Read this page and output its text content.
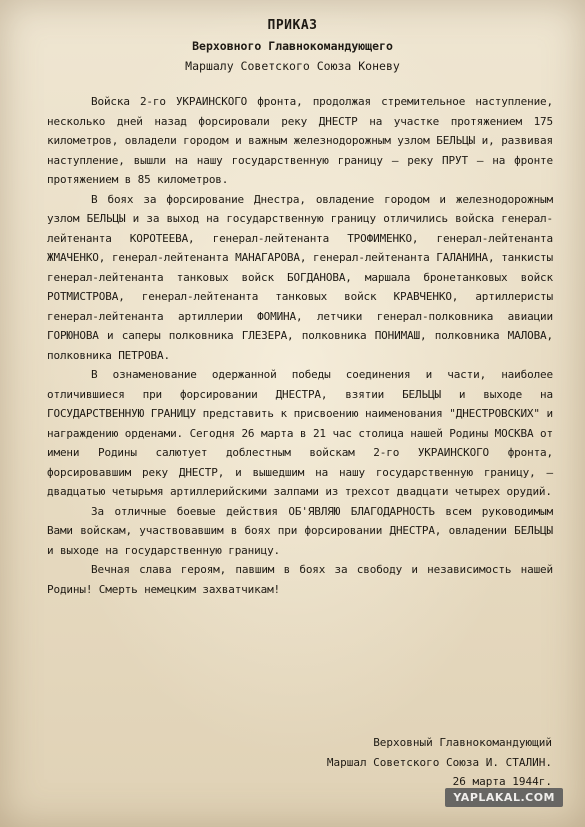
ПРИКАЗ
Верховного Главнокомандующего
Маршалу Советского Союза Коневу

Войска 2-го УКРАИНСКОГО фронта, продолжая стремительное наступление, несколько дней назад форсировали реку ДНЕСТР на участке протяжением 175 километров, овладели городом и важным железнодорожным узлом БЕЛЬЦЫ и, развивая наступление, вышли на нашу государственную границу – реку ПРУТ – на фронте протяжением в 85 километров.

В боях за форсирование Днестра, овладение городом и железнодорожным узлом БЕЛЬЦЫ и за выход на государственную границу отличились войска генерал-лейтенанта КОРОТЕЕВА, генерал-лейтенанта ТРОФИМЕНКО, генерал-лейтенанта ЖМАЧЕНКО, генерал-лейтенанта МАНАГАРОВА, генерал-лейтенанта ГАЛАНИНА, танкисты генерал-лейтенанта танковых войск БОГДАНОВА, маршала бронетанковых войск РОТМИСТРОВА, генерал-лейтенанта танковых войск КРАВЧЕНКО, артиллеристы генерал-лейтенанта артиллерии ФОМИНА, летчики генерал-полковника авиации ГОРЮНОВА и саперы полковника ГЛЕЗЕРА, полковника ПОНИМАШ, полковника МАЛОВА, полковника ПЕТРОВА.

В ознаменование одержанной победы соединения и части, наиболее отличившиеся при форсировании ДНЕСТРА, взятии БЕЛЬЦЫ и выходе на ГОСУДАРСТВЕННУЮ ГРАНИЦУ представить к присвоению наименования "ДНЕСТРОВСКИХ" и награждению орденами. Сегодня 26 марта в 21 час столица нашей Родины МОСКВА от имени Родины салютует доблестным войскам 2-го УКРАИНСКОГО фронта, форсировавшим реку ДНЕСТР, и вышедшим на нашу государственную границу, – двадцатью четырьмя артиллерийскими залпами из трехсот двадцати четырех орудий.

За отличные боевые действия ОБ'ЯВЛЯЮ БЛАГОДАРНОСТЬ всем руководимым Вами войскам, участвовавшим в боях при форсировании ДНЕСТРА, овладении БЕЛЬЦЫ и выходе на государственную границу.

Вечная слава героям, павшим в боях за свободу и независимость нашей Родины! Смерть немецким захватчикам!

Верховный Главнокомандующий
Маршал Советского Союза И. СТАЛИН.
26 марта 1944г.
YAPLAKAL.COM
